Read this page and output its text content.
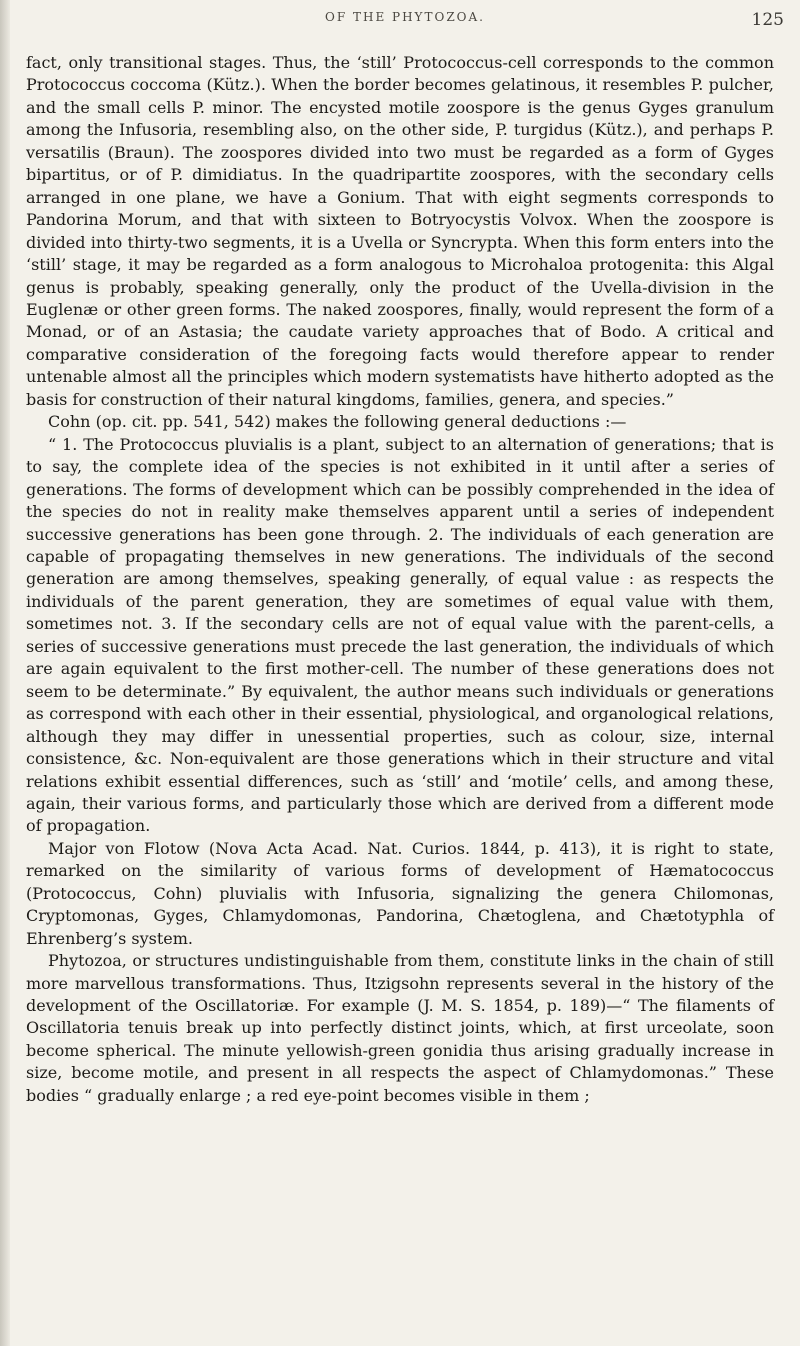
OF THE PHYTOZOA.	125

fact, only transitional stages. Thus, the ‘still’ Protococcus-cell corresponds to the common Protococcus coccoma (Kütz.). When the border becomes gelatinous, it resembles P. pulcher, and the small cells P. minor. The encysted motile zoospore is the genus Gyges granulum among the Infusoria, resembling also, on the other side, P. turgidus (Kütz.), and perhaps P. versatilis (Braun). The zoospores divided into two must be regarded as a form of Gyges bipartitus, or of P. dimidiatus. In the quadripartite zoospores, with the secondary cells arranged in one plane, we have a Gonium. That with eight segments corresponds to Pandorina Morum, and that with sixteen to Botryocystis Volvox. When the zoospore is divided into thirty-two segments, it is a Uvella or Syncrypta. When this form enters into the ‘still’ stage, it may be regarded as a form analogous to Microhaloa protogenita: this Algal genus is probably, speaking generally, only the product of the Uvella-division in the Euglenæ or other green forms. The naked zoospores, finally, would represent the form of a Monad, or of an Astasia; the caudate variety approaches that of Bodo. A critical and comparative consideration of the foregoing facts would therefore appear to render untenable almost all the principles which modern systematists have hitherto adopted as the basis for construction of their natural kingdoms, families, genera, and species.”

Cohn (op. cit. pp. 541, 542) makes the following general deductions :—

“ 1. The Protococcus pluvialis is a plant, subject to an alternation of generations; that is to say, the complete idea of the species is not exhibited in it until after a series of generations. The forms of development which can be possibly comprehended in the idea of the species do not in reality make themselves apparent until a series of independent successive generations has been gone through. 2. The individuals of each generation are capable of propagating themselves in new generations. The individuals of the second generation are among themselves, speaking generally, of equal value : as respects the individuals of the parent generation, they are sometimes of equal value with them, sometimes not. 3. If the secondary cells are not of equal value with the parent-cells, a series of successive generations must precede the last generation, the individuals of which are again equivalent to the first mother-cell. The number of these generations does not seem to be determinate.” By equivalent, the author means such individuals or generations as correspond with each other in their essential, physiological, and organological relations, although they may differ in unessential properties, such as colour, size, internal consistence, &c. Non-equivalent are those generations which in their structure and vital relations exhibit essential differences, such as ‘still’ and ‘motile’ cells, and among these, again, their various forms, and particularly those which are derived from a different mode of propagation.

Major von Flotow (Nova Acta Acad. Nat. Curios. 1844, p. 413), it is right to state, remarked on the similarity of various forms of development of Hæmatococcus (Protococcus, Cohn) pluvialis with Infusoria, signalizing the genera Chilomonas, Cryptomonas, Gyges, Chlamydomonas, Pandorina, Chætoglena, and Chætotyphla of Ehrenberg’s system.

Phytozoa, or structures undistinguishable from them, constitute links in the chain of still more marvellous transformations. Thus, Itzigsohn represents several in the history of the development of the Oscillatoriæ. For example (J. M. S. 1854, p. 189)—“ The filaments of Oscillatoria tenuis break up into perfectly distinct joints, which, at first urceolate, soon become spherical. The minute yellowish-green gonidia thus arising gradually increase in size, become motile, and present in all respects the aspect of Chlamydomonas.” These bodies “ gradually enlarge ; a red eye-point becomes visible in them ;
